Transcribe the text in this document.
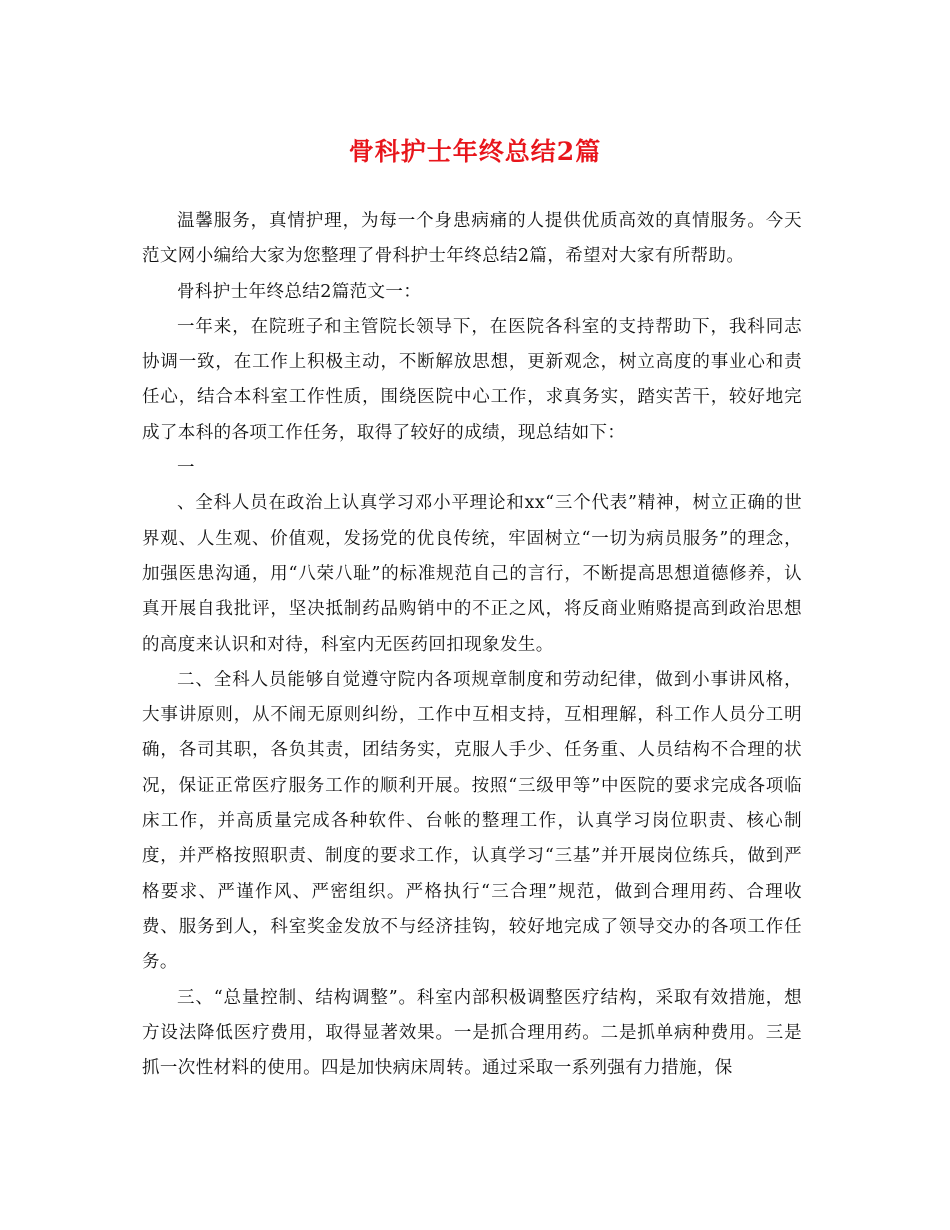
骨科护士年终总结2篇

温馨服务，真情护理，为每一个身患病痛的人提供优质高效的真情服务。今天范文网小编给大家为您整理了骨科护士年终总结2篇，希望对大家有所帮助。

骨科护士年终总结2篇范文一：

一年来，在院班子和主管院长领导下，在医院各科室的支持帮助下，我科同志协调一致，在工作上积极主动，不断解放思想，更新观念，树立高度的事业心和责任心，结合本科室工作性质，围绕医院中心工作，求真务实，踏实苦干，较好地完成了本科的各项工作任务，取得了较好的成绩，现总结如下：

一

、全科人员在政治上认真学习邓小平理论和xx“三个代表”精神，树立正确的世界观、人生观、价值观，发扬党的优良传统，牢固树立“一切为病员服务”的理念，加强医患沟通，用“八荣八耻”的标准规范自己的言行，不断提高思想道德修养，认真开展自我批评，坚决抵制药品购销中的不正之风，将反商业贿赂提高到政治思想的高度来认识和对待，科室内无医药回扣现象发生。

二、全科人员能够自觉遵守院内各项规章制度和劳动纪律，做到小事讲风格，大事讲原则，从不闹无原则纠纷，工作中互相支持，互相理解，科工作人员分工明确，各司其职，各负其责，团结务实，克服人手少、任务重、人员结构不合理的状况，保证正常医疗服务工作的顺利开展。按照“三级甲等”中医院的要求完成各项临床工作，并高质量完成各种软件、台帐的整理工作，认真学习岗位职责、核心制度，并严格按照职责、制度的要求工作，认真学习“三基”并开展岗位练兵，做到严格要求、严谨作风、严密组织。严格执行“三合理”规范，做到合理用药、合理收费、服务到人，科室奖金发放不与经济挂钩，较好地完成了领导交办的各项工作任务。

三、“总量控制、结构调整”。科室内部积极调整医疗结构，采取有效措施，想方设法降低医疗费用，取得显著效果。一是抓合理用药。二是抓单病种费用。三是抓一次性材料的使用。四是加快病床周转。通过采取一系列强有力措施，保
